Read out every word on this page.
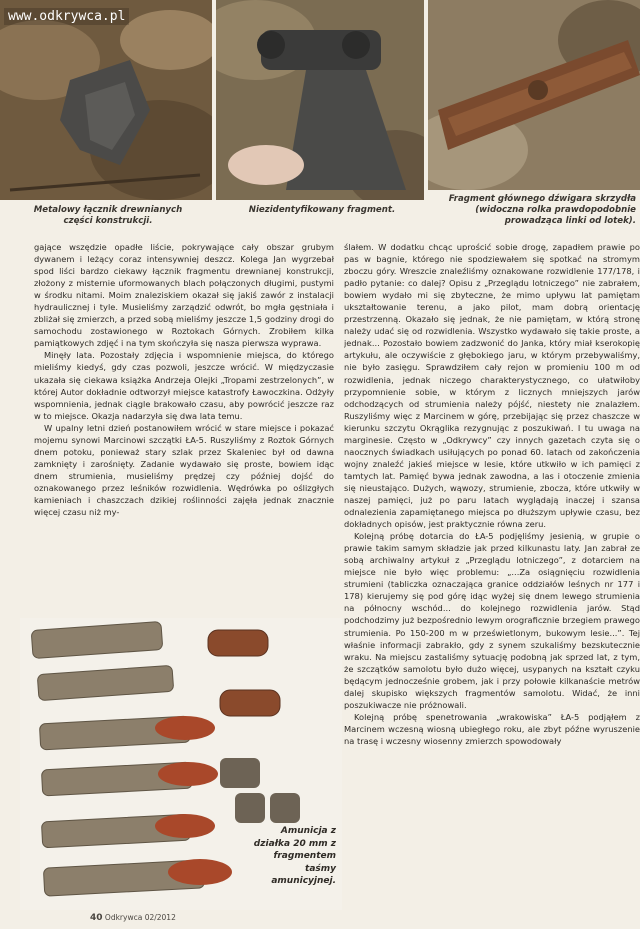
www.odkrywca.pl
Metalowy łącznik drewnianych części konstrukcji.
Niezidentyfikowany fragment.
Fragment głównego dźwigara skrzydła (widoczna rolka prawdopodobnie prowadząca linki od lotek).

gające wszędzie opadłe liście, pokrywające cały obszar grubym dywanem i leżący coraz intensywniej deszcz. Kolega Jan wygrzebał spod liści bardzo ciekawy łącznik fragmentu drewnianej konstrukcji, złożony z misternie uformowanych blach połączonych długimi, pustymi w środku nitami. Moim znaleziskiem okazał się jakiś zawór z instalacji hydraulicznej i tyle. Musieliśmy zarządzić odwrót, bo mgła gęstniała i zbliżał się zmierzch, a przed sobą mieliśmy jeszcze 1,5 godziny drogi do samochodu zostawionego w Roztokach Górnych. Zrobiłem kilka pamiątkowych zdjęć i na tym skończyła się nasza pierwsza wyprawa.

Minęły lata. Pozostały zdjęcia i wspomnienie miejsca, do którego mieliśmy kiedyś, gdy czas pozwoli, jeszcze wrócić. W międzyczasie ukazała się ciekawa książka Andrzeja Olejki „Tropami zestrzelonych”, w której Autor dokładnie odtworzył miejsce katastrofy Ławoczkina. Odżyły wspomnienia, jednak ciągle brakowało czasu, aby powrócić jeszcze raz w to miejsce. Okazja nadarzyła się dwa lata temu.

W upalny letni dzień postanowiłem wrócić w stare miejsce i pokazać mojemu synowi Marcinowi szczątki ŁA-5. Ruszyliśmy z Roztok Górnych dnem potoku, ponieważ stary szlak przez Skaleniec był od dawna zamknięty i zarośnięty. Zadanie wydawało się proste, bowiem idąc dnem strumienia, musieliśmy prędzej czy później dojść do oznakowanego przez leśników rozwidlenia. Wędrówka po oślizgłych kamieniach i chaszczach dzikiej roślinności zajęła jednak znacznie więcej czasu niż my-

Amunicja z działka 20 mm z fragmentem taśmy amunicyjnej.

ślałem. W dodatku chcąc uprościć sobie drogę, zapadłem prawie po pas w bagnie, którego nie spodziewałem się spotkać na stromym zboczu góry. Wreszcie znaleźliśmy oznakowane rozwidlenie 177/178, i padło pytanie: co dalej? Opisu z „Przeglądu lotniczego” nie zabrałem, bowiem wydało mi się zbyteczne, że mimo upływu lat pamiętam ukształtowanie terenu, a jako pilot, mam dobrą orientację przestrzenną. Okazało się jednak, że nie pamiętam, w którą stronę należy udać się od rozwidlenia. Wszystko wydawało się takie proste, a jednak... Pozostało bowiem zadzwonić do Janka, który miał kserokopię artykułu, ale oczywiście z głębokiego jaru, w którym przebywaliśmy, nie było zasięgu. Sprawdziłem cały rejon w promieniu 100 m od rozwidlenia, jednak niczego charakterystycznego, co ułatwiłoby przypomnienie sobie, w którym z licznych mniejszych jarów odchodzących od strumienia należy pójść, niestety nie znalazłem. Ruszyliśmy więc z Marcinem w górę, przebijając się przez chaszcze w kierunku szczytu Okrąglika rezygnując z poszukiwań. I tu uwaga na marginesie. Często w „Odkrywcy” czy innych gazetach czyta się o naocznych świadkach usiłujących po ponad 60. latach od zakończenia wojny znaleźć jakieś miejsce w lesie, które utkwiło w ich pamięci z tamtych lat. Pamięć bywa jednak zawodna, a las i otoczenie zmienia się nieustająco. Dużych, wąwozy, strumienie, zbocza, które utkwiły w naszej pamięci, już po paru latach wyglądają inaczej i szansa odnalezienia zapamiętanego miejsca po dłuższym upływie czasu, bez dokładnych opisów, jest praktycznie równa zeru.

Kolejną próbę dotarcia do ŁA-5 podjęliśmy jesienią, w grupie o prawie takim samym składzie jak przed kilkunastu laty. Jan zabrał ze sobą archiwalny artykuł z „Przeglądu lotniczego”, z dotarciem na miejsce nie było więc problemu: „...Za osiągnięciu rozwidlenia strumieni (tabliczka oznaczająca granice oddziałów leśnych nr 177 i 178) kierujemy się pod górę idąc wyżej się dnem lewego strumienia na północny wschód... do kolejnego rozwidlenia jarów. Stąd podchodzimy już bezpośrednio lewym orograficznie brzegiem prawego strumienia. Po 150-200 m w prześwietlonym, bukowym lesie...”. Tej właśnie informacji zabrakło, gdy z synem szukaliśmy bezskutecznie wraku. Na miejscu zastaliśmy sytuację podobną jak sprzed lat, z tym, że szczątków samolotu było dużo więcej, usypanych na kształt czyku będącym jednocześnie grobem, jak i przy połowie kilkanaście metrów dalej skupisko większych fragmentów samolotu. Widać, że inni poszukiwacze nie próżnowali.

Kolejną próbę spenetrowania „wrakowiska” ŁA-5 podjąłem z Marcinem wczesną wiosną ubiegłego roku, ale zbyt późne wyruszenie na trasę i wczesny wiosenny zmierzch spowodowały

40 Odkrywca 02/2012
